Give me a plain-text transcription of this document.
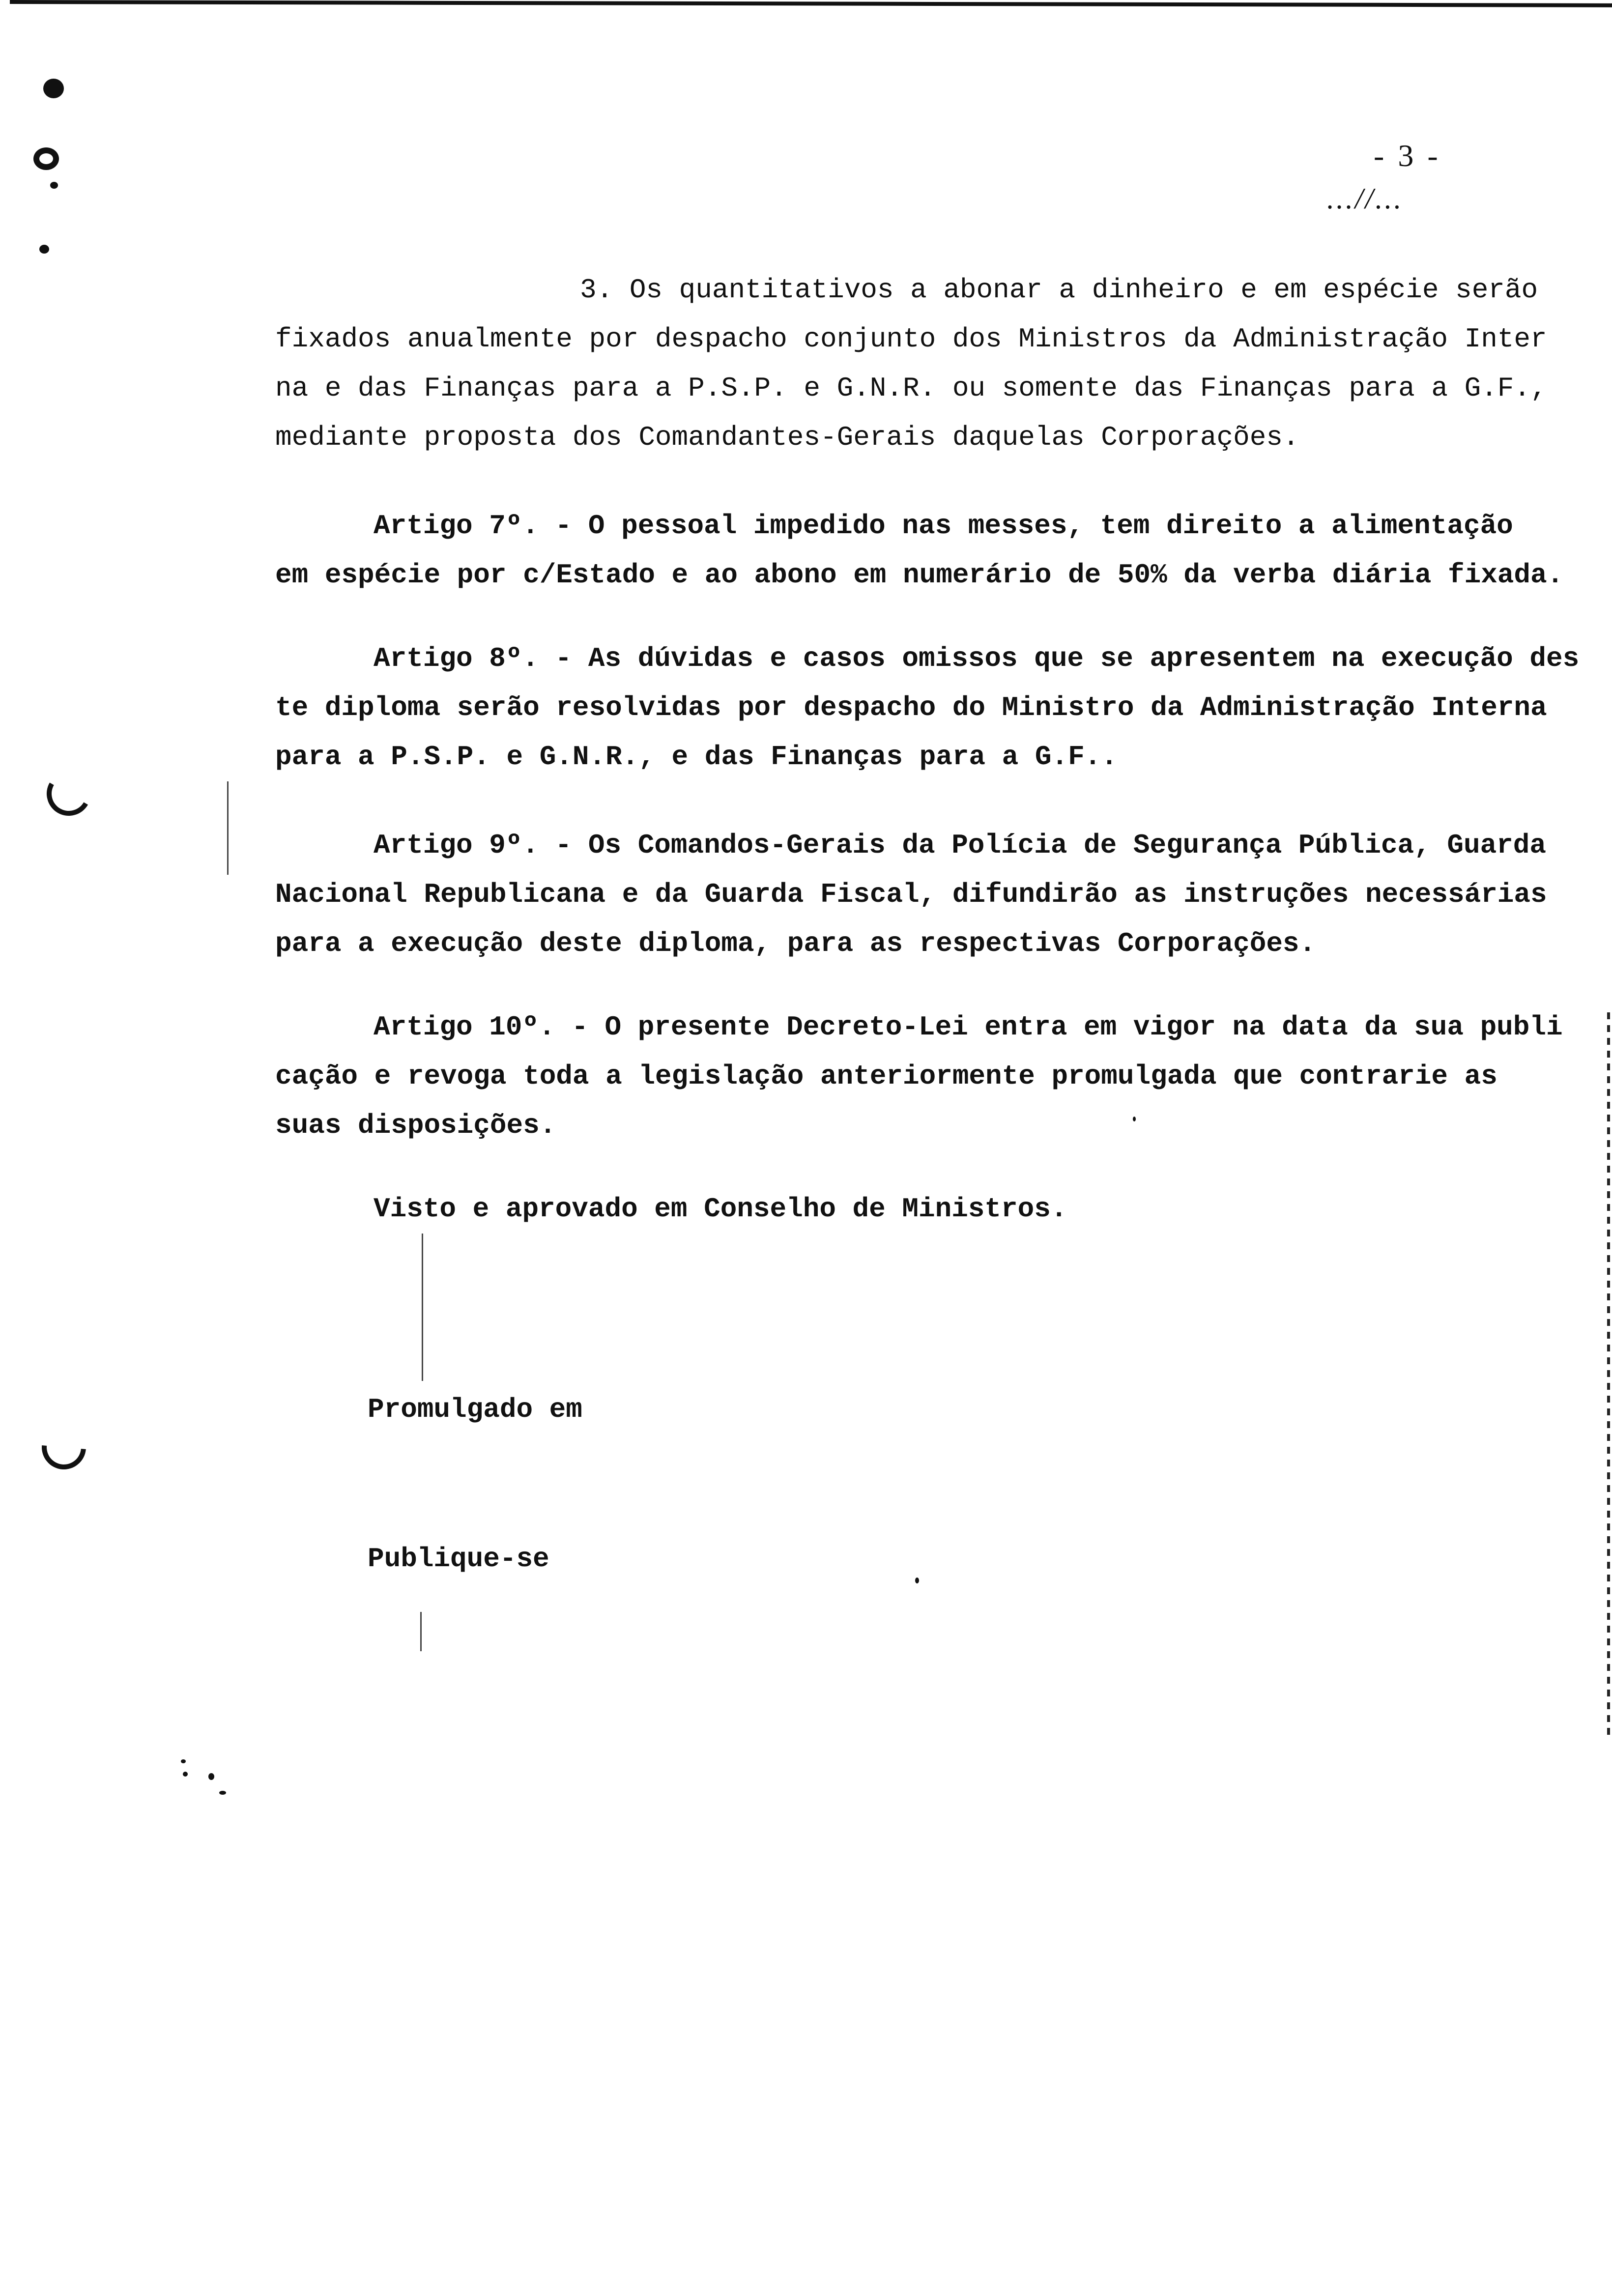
- 3 -
...//...
3. Os quantitativos a abonar a dinheiro e em espécie serão
fixados anualmente por despacho conjunto dos Ministros da Administração Inter
na e das Finanças para a P.S.P. e G.N.R. ou somente das Finanças para a G.F.,
mediante proposta dos Comandantes-Gerais daquelas Corporações.
Artigo 7º. - O pessoal impedido nas messes, tem direito a alimentação
em espécie por c/Estado e ao abono em numerário de 50% da verba diária fixada.
Artigo 8º. - As dúvidas e casos omissos que se apresentem na execução des
te diploma serão resolvidas por despacho do Ministro da Administração Interna
para a P.S.P. e G.N.R., e das Finanças para a G.F..
Artigo 9º. - Os Comandos-Gerais da Polícia de Segurança Pública, Guarda
Nacional Republicana e da Guarda Fiscal, difundirão as instruções necessárias
para a execução deste diploma, para as respectivas Corporações.
Artigo 10º. - O presente Decreto-Lei entra em vigor na data da sua publi
cação e revoga toda a legislação anteriormente promulgada que contrarie as
suas disposições.
Visto e aprovado em Conselho de Ministros.
Promulgado em
Publique-se
